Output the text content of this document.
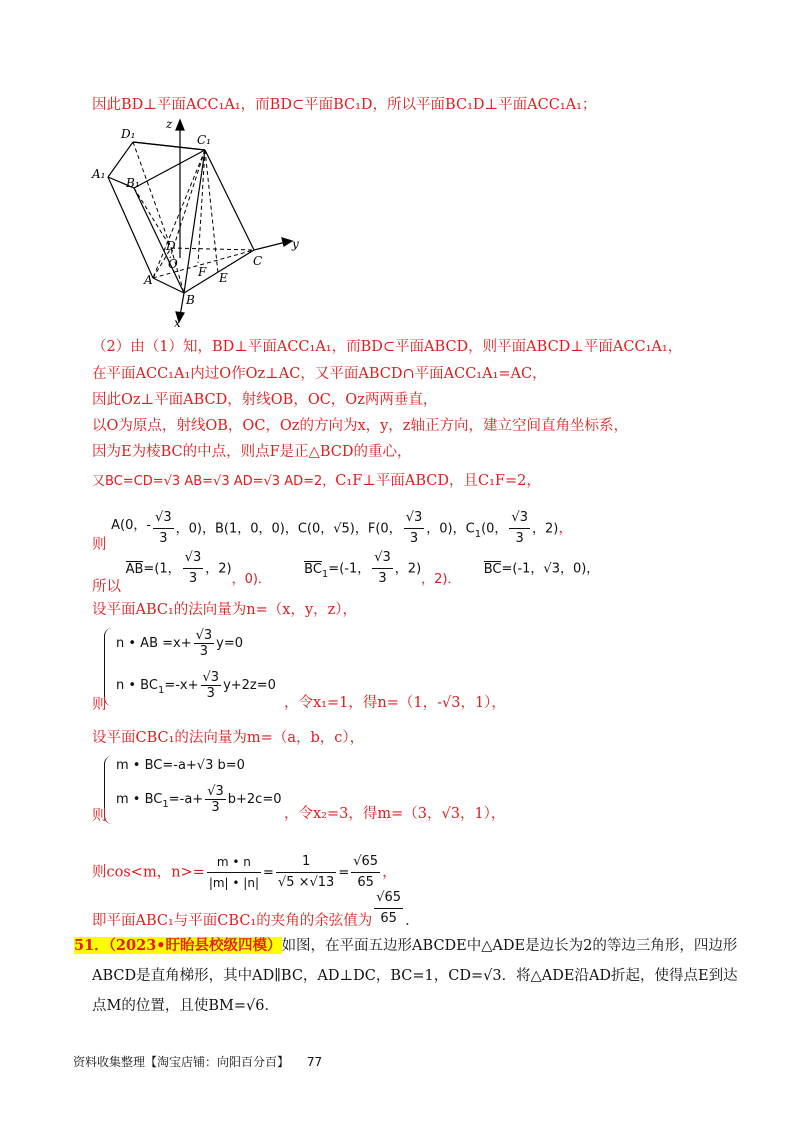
因此BD⊥平面ACC₁A₁，而BD⊂平面BC₁D，所以平面BC₁D⊥平面ACC₁A₁；
D₁	C₁
A₁
B₁
z
D
O
A
F E
C
B
x
y
（2）由（1）知，BD⊥平面ACC₁A₁，而BD⊂平面ABCD，则平面ABCD⊥平面ACC₁A₁，
在平面ACC₁A₁内过O作Oz⊥AC，又平面ABCD∩平面ACC₁A₁=AC，
因此Oz⊥平面ABCD，射线OB，OC，Oz两两垂直，
以O为原点，射线OB，OC，Oz的方向为x，y，z轴正方向，建立空间直角坐标系，
因为E为棱BC的中点，则点F是正△BCD的重心，
又BC=CD=√3 AB=√3 AD=√3 AD=2，C₁F⊥平面ABCD，且C₁F=2，
则 A(0，- $\frac{√3}{3}$ ，0)，B(1，0，0)，C(0，√5)，F(0， $\frac{√3}{3}$ ，0)，$C_1(0$， $\frac{√3}{3}$ ，2)，
所以 AB=(1， $\frac{√3}{3}$ ，2)，0)．  $BC_1=(-1$， $\frac{√3}{3}$ ，2)，2)．  BC=(-1，√3，0)，
设平面ABC₁的法向量为n=（x，y，z），
n • AB $=x+ \frac{√3}{3} y=0$
n • $BC_1=-x+ \frac{√3}{3} y+2z=0$
则	，令x₁=1，得n=（1，-√3，1），
设平面CBC₁的法向量为m=（a，b，c），
m • BC=-a+√3 b=0
m • $BC_1=-a+ \frac{√3}{3} b+2c=0$
则	，令x₂=3，得m=（3，√3，1），
则cos<m，$n>= \frac{m • n}{|m| • |n|} = \frac{1}{√5 \times√13} = \frac{√65}{65}$ ，
即平面ABC₁与平面CBC₁的夹角的余弦值为 $\frac{√65}{65}$ ．
51．（2023•盱眙县校级四模）如图，在平面五边形ABCDE中△ADE是边长为2的等边三角形，四边形
ABCD是直角梯形，其中AD∥BC，AD⊥DC，BC=1，CD=√3．将△ADE沿AD折起，使得点E到达
点M的位置，且使BM=√6．
资料收集整理【淘宝店铺：向阳百分百】 77
